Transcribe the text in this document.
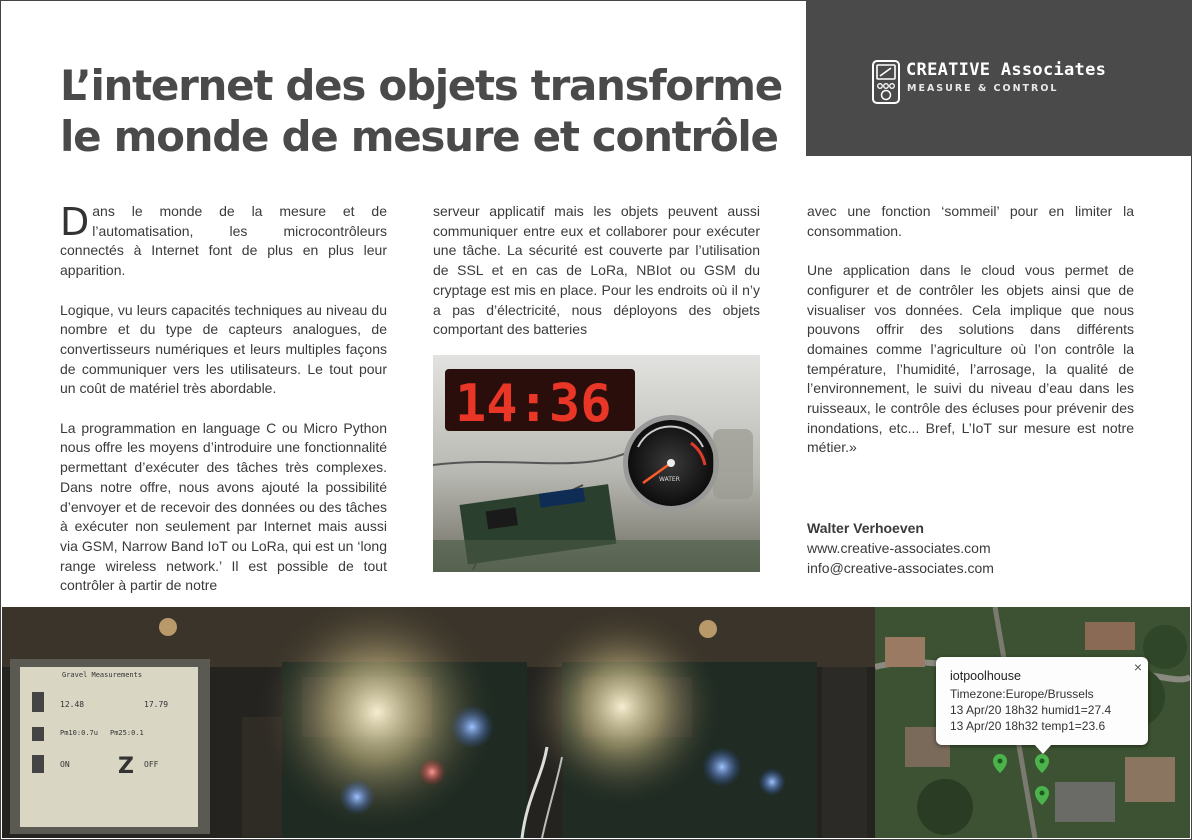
CREATIVE Associates
MEASURE & CONTROL
L’internet des objets transforme
le monde de mesure et contrôle

Dans le monde de la mesure et de l’automatisation, les microcontrôleurs connectés à Internet font de plus en plus leur apparition.

Logique, vu leurs capacités techniques au niveau du nombre et du type de capteurs analogues, de convertisseurs numériques et leurs multiples façons de communiquer vers les utilisateurs. Le tout pour un coût de matériel très abordable.

La programmation en language C ou Micro Python nous offre les moyens d’introduire une fonctionnalité permettant d’exécuter des tâches très complexes. Dans notre offre, nous avons ajouté la possibilité d’envoyer et de recevoir des données ou des tâches à exécuter non seulement par Internet mais aussi via GSM, Narrow Band IoT ou LoRa, qui est un ‘long range wireless network.’ Il est possible de tout contrôler à partir de notre

serveur applicatif mais les objets peuvent aussi communiquer entre eux et collaborer pour exécuter une tâche. La sécurité est couverte par l’utilisation de SSL et en cas de LoRa, NBIot ou GSM du cryptage est mis en place. Pour les endroits où il n’y a pas d’électricité, nous déployons des objets comportant des batteries

14:36
WATER

avec une fonction ‘sommeil’ pour en limiter la consommation.

Une application dans le cloud vous permet de configurer et de contrôler les objets ainsi que de visualiser vos données. Cela implique que nous pouvons offrir des solutions dans différents domaines comme l’agriculture où l’on contrôle la température, l’humidité, l’arrosage, la qualité de l’environnement, le suivi du niveau d’eau dans les ruisseaux, le contrôle des écluses pour prévenir des inondations, etc... Bref, L’IoT sur mesure est notre métier.»

Walter Verhoeven
www.creative-associates.com
info@creative-associates.com
Gravel Measurements
12.48	17.79
Pm10:0.7u Pm25:0.1
ON	OFF
Z
×
iotpoolhouse
Timezone:Europe/Brussels
13 Apr/20 18h32 humid1=27.4
13 Apr/20 18h32 temp1=23.6
